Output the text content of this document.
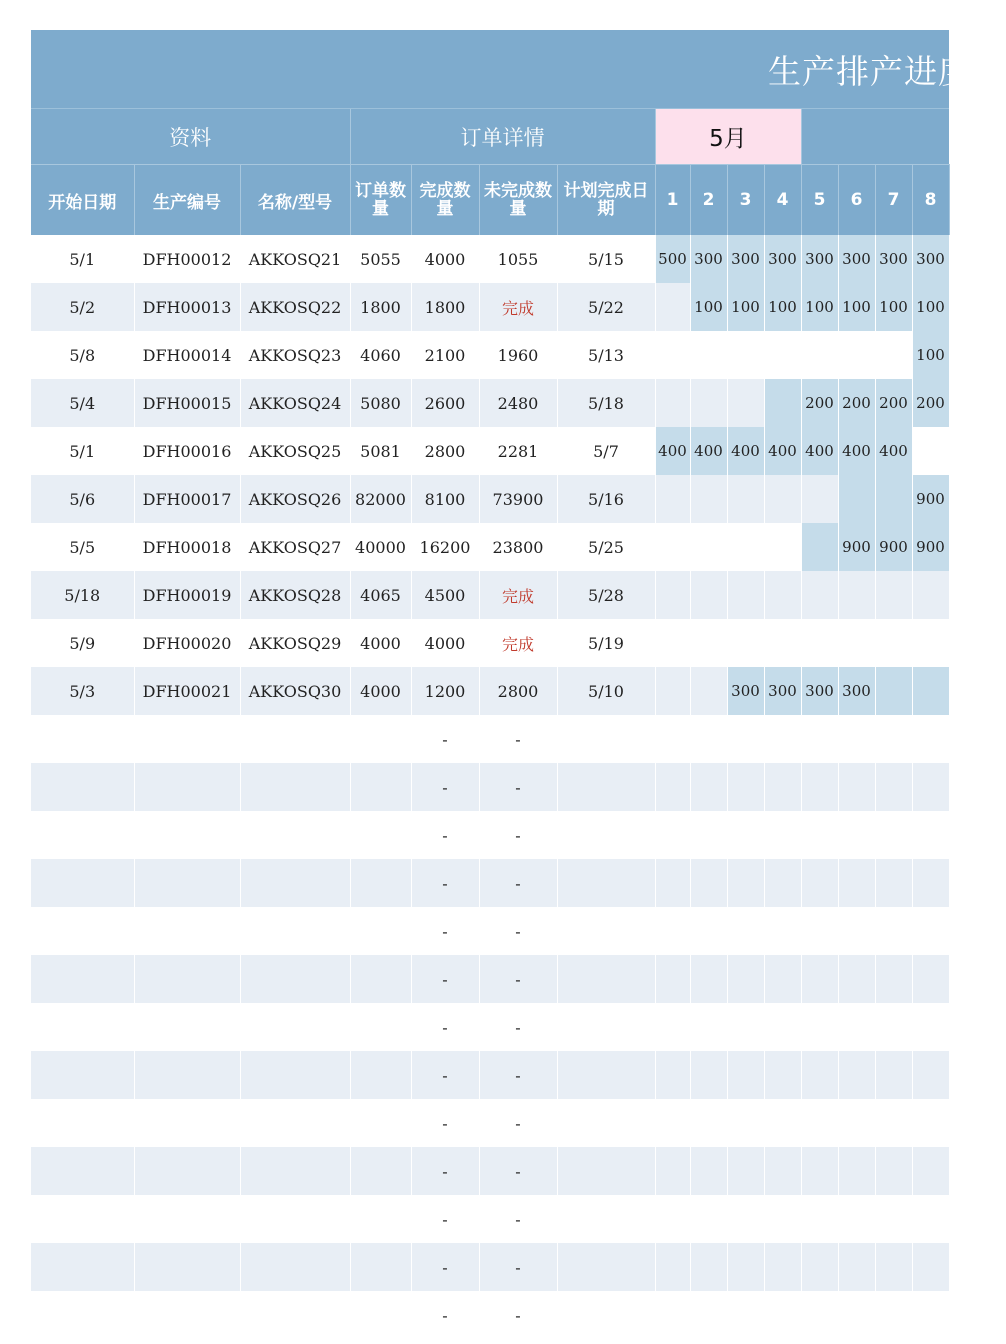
生产排产进度表														
资料			订单详情				5月							
开始日期	生产编号	名称/型号	订单数量	完成数量	未完成数量	计划完成日期	1	2	3	4	5	6	7	8
5/1	DFH00012	AKKOSQ21	5055	4000	1055	5/15	500	300	300	300	300	300	300	300
5/2	DFH00013	AKKOSQ22	1800	1800	完成	5/22		100	100	100	100	100	100	100
5/8	DFH00014	AKKOSQ23	4060	2100	1960	5/13								100
5/4	DFH00015	AKKOSQ24	5080	2600	2480	5/18					200	200	200	200
5/1	DFH00016	AKKOSQ25	5081	2800	2281	5/7	400	400	400	400	400	400	400	
5/6	DFH00017	AKKOSQ26	82000	8100	73900	5/16								900
5/5	DFH00018	AKKOSQ27	40000	16200	23800	5/25						900	900	900
5/18	DFH00019	AKKOSQ28	4065	4500	完成	5/28								
5/9	DFH00020	AKKOSQ29	4000	4000	完成	5/19								
5/3	DFH00021	AKKOSQ30	4000	1200	2800	5/10			300	300	300	300		
				-	-									
				-	-									
				-	-									
				-	-									
				-	-									
				-	-									
				-	-									
				-	-									
				-	-									
				-	-									
				-	-									
				-	-									
				-	-									
